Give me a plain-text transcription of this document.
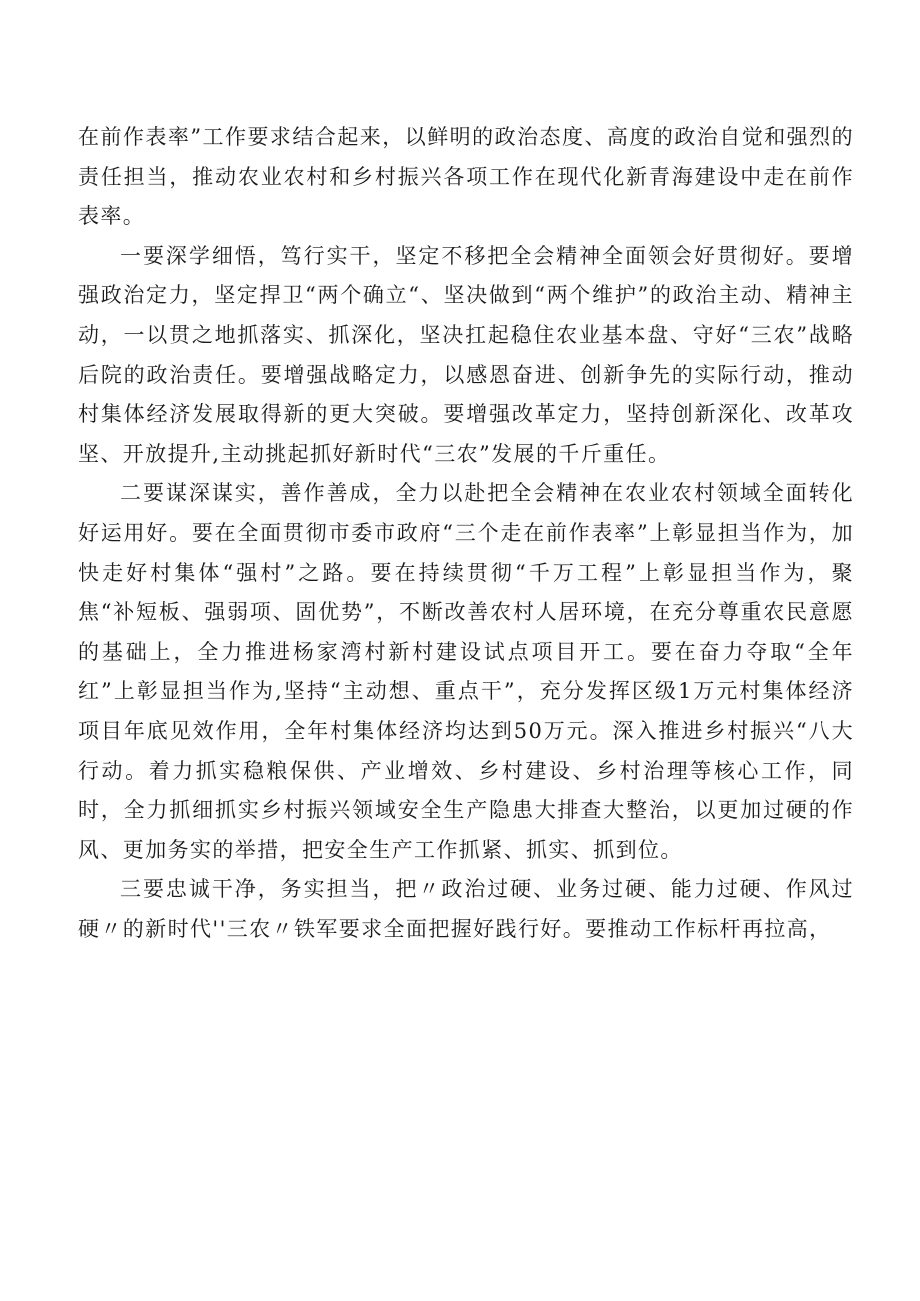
在前作表率”工作要求结合起来，以鲜明的政治态度、高度的政治自觉和强烈的责任担当，推动农业农村和乡村振兴各项工作在现代化新青海建设中走在前作表率。

一要深学细悟，笃行实干，坚定不移把全会精神全面领会好贯彻好。要增强政治定力，坚定捍卫“两个确立“、坚决做到“两个维护”的政治主动、精神主动，一以贯之地抓落实、抓深化，坚决扛起稳住农业基本盘、守好“三农”战略后院的政治责任。要增强战略定力，以感恩奋进、创新争先的实际行动，推动村集体经济发展取得新的更大突破。要增强改革定力，坚持创新深化、改革攻坚、开放提升,主动挑起抓好新时代“三农”发展的千斤重任。

二要谋深谋实，善作善成，全力以赴把全会精神在农业农村领域全面转化好运用好。要在全面贯彻市委市政府“三个走在前作表率”上彰显担当作为，加快走好村集体“强村”之路。要在持续贯彻“千万工程”上彰显担当作为，聚焦“补短板、强弱项、固优势”，不断改善农村人居环境，在充分尊重农民意愿的基础上，全力推进杨家湾村新村建设试点项目开工。要在奋力夺取“全年红”上彰显担当作为,坚持“主动想、重点干”，充分发挥区级1万元村集体经济项目年底见效作用，全年村集体经济均达到50万元。深入推进乡村振兴“八大行动。着力抓实稳粮保供、产业增效、乡村建设、乡村治理等核心工作，同时，全力抓细抓实乡村振兴领域安全生产隐患大排查大整治，以更加过硬的作风、更加务实的举措，把安全生产工作抓紧、抓实、抓到位。

三要忠诚干净，务实担当，把〃政治过硬、业务过硬、能力过硬、作风过硬〃的新时代''三农〃铁军要求全面把握好践行好。要推动工作标杆再拉高，
